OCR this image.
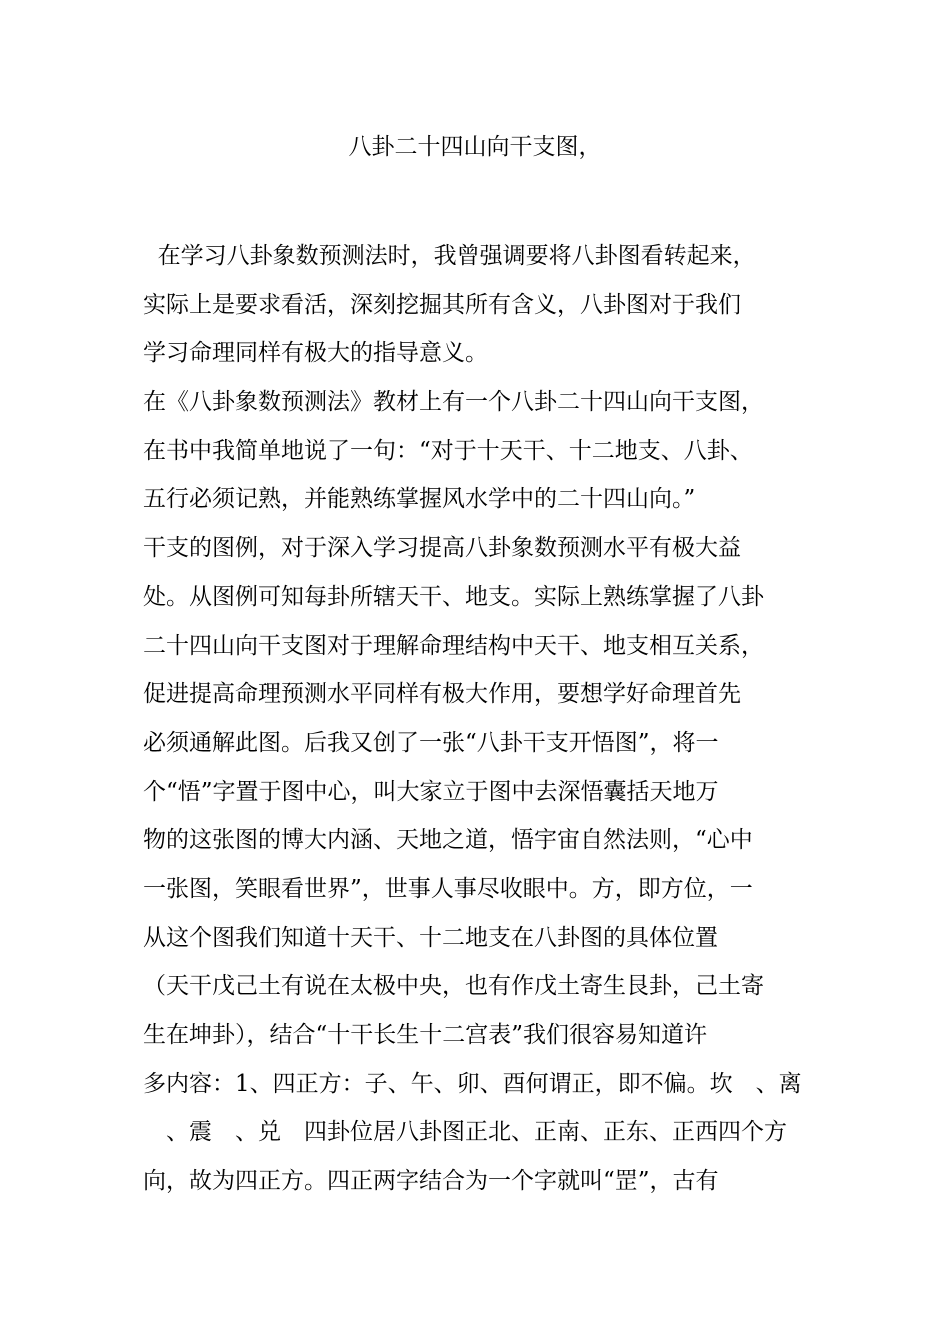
八卦二十四山向干支图，
在学习八卦象数预测法时，我曾强调要将八卦图看转起来，
实际上是要求看活，深刻挖掘其所有含义，八卦图对于我们
学习命理同样有极大的指导意义。
在《八卦象数预测法》教材上有一个八卦二十四山向干支图，
在书中我简单地说了一句：“对于十天干、十二地支、八卦、
五行必须记熟，并能熟练掌握风水学中的二十四山向。”
干支的图例，对于深入学习提高八卦象数预测水平有极大益
处。从图例可知每卦所辖天干、地支。实际上熟练掌握了八卦
二十四山向干支图对于理解命理结构中天干、地支相互关系，
促进提高命理预测水平同样有极大作用，要想学好命理首先
必须通解此图。后我又创了一张“八卦干支开悟图”，将一
个“悟”字置于图中心，叫大家立于图中去深悟囊括天地万
物的这张图的博大内涵、天地之道，悟宇宙自然法则，“心中
一张图，笑眼看世界”，世事人事尽收眼中。方，即方位，一
从这个图我们知道十天干、十二地支在八卦图的具体位置
（天干戊己土有说在太极中央，也有作戊土寄生艮卦，己土寄
生在坤卦），结合“十干长生十二宫表”我们很容易知道许
多内容：1、四正方：子、午、卯、酉何谓正，即不偏。坎　、离
　、震　、兑　四卦位居八卦图正北、正南、正东、正西四个方
向，故为四正方。四正两字结合为一个字就叫“罡”，古有
